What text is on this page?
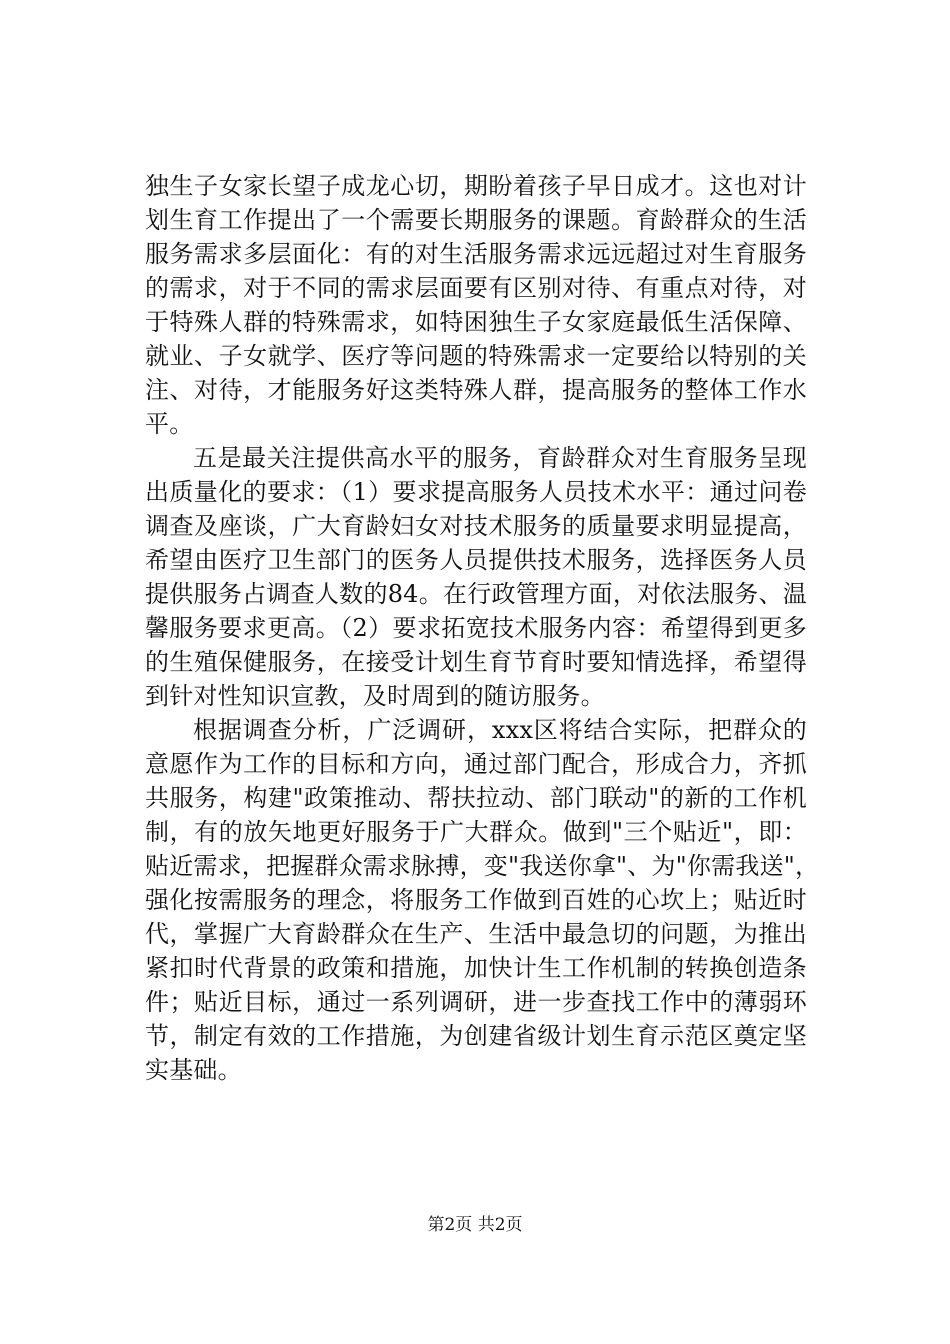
独生子女家长望子成龙心切，期盼着孩子早日成才。这也对计
划生育工作提出了一个需要长期服务的课题。育龄群众的生活
服务需求多层面化：有的对生活服务需求远远超过对生育服务
的需求，对于不同的需求层面要有区别对待、有重点对待，对
于特殊人群的特殊需求，如特困独生子女家庭最低生活保障、
就业、子女就学、医疗等问题的特殊需求一定要给以特别的关
注、对待，才能服务好这类特殊人群，提高服务的整体工作水
平。
五是最关注提供高水平的服务，育龄群众对生育服务呈现
出质量化的要求：（1）要求提高服务人员技术水平：通过问卷
调查及座谈，广大育龄妇女对技术服务的质量要求明显提高，
希望由医疗卫生部门的医务人员提供技术服务，选择医务人员
提供服务占调查人数的84。在行政管理方面，对依法服务、温
馨服务要求更高。（2）要求拓宽技术服务内容：希望得到更多
的生殖保健服务，在接受计划生育节育时要知情选择，希望得
到针对性知识宣教，及时周到的随访服务。
根据调查分析，广泛调研，xxx区将结合实际，把群众的
意愿作为工作的目标和方向，通过部门配合，形成合力，齐抓
共服务，构建"政策推动、帮扶拉动、部门联动"的新的工作机
制，有的放矢地更好服务于广大群众。做到"三个贴近"，即：
贴近需求，把握群众需求脉搏，变"我送你拿"、为"你需我送"，
强化按需服务的理念，将服务工作做到百姓的心坎上；贴近时
代，掌握广大育龄群众在生产、生活中最急切的问题，为推出
紧扣时代背景的政策和措施，加快计生工作机制的转换创造条
件；贴近目标，通过一系列调研，进一步查找工作中的薄弱环
节，制定有效的工作措施，为创建省级计划生育示范区奠定坚
实基础。
第2页 共2页
